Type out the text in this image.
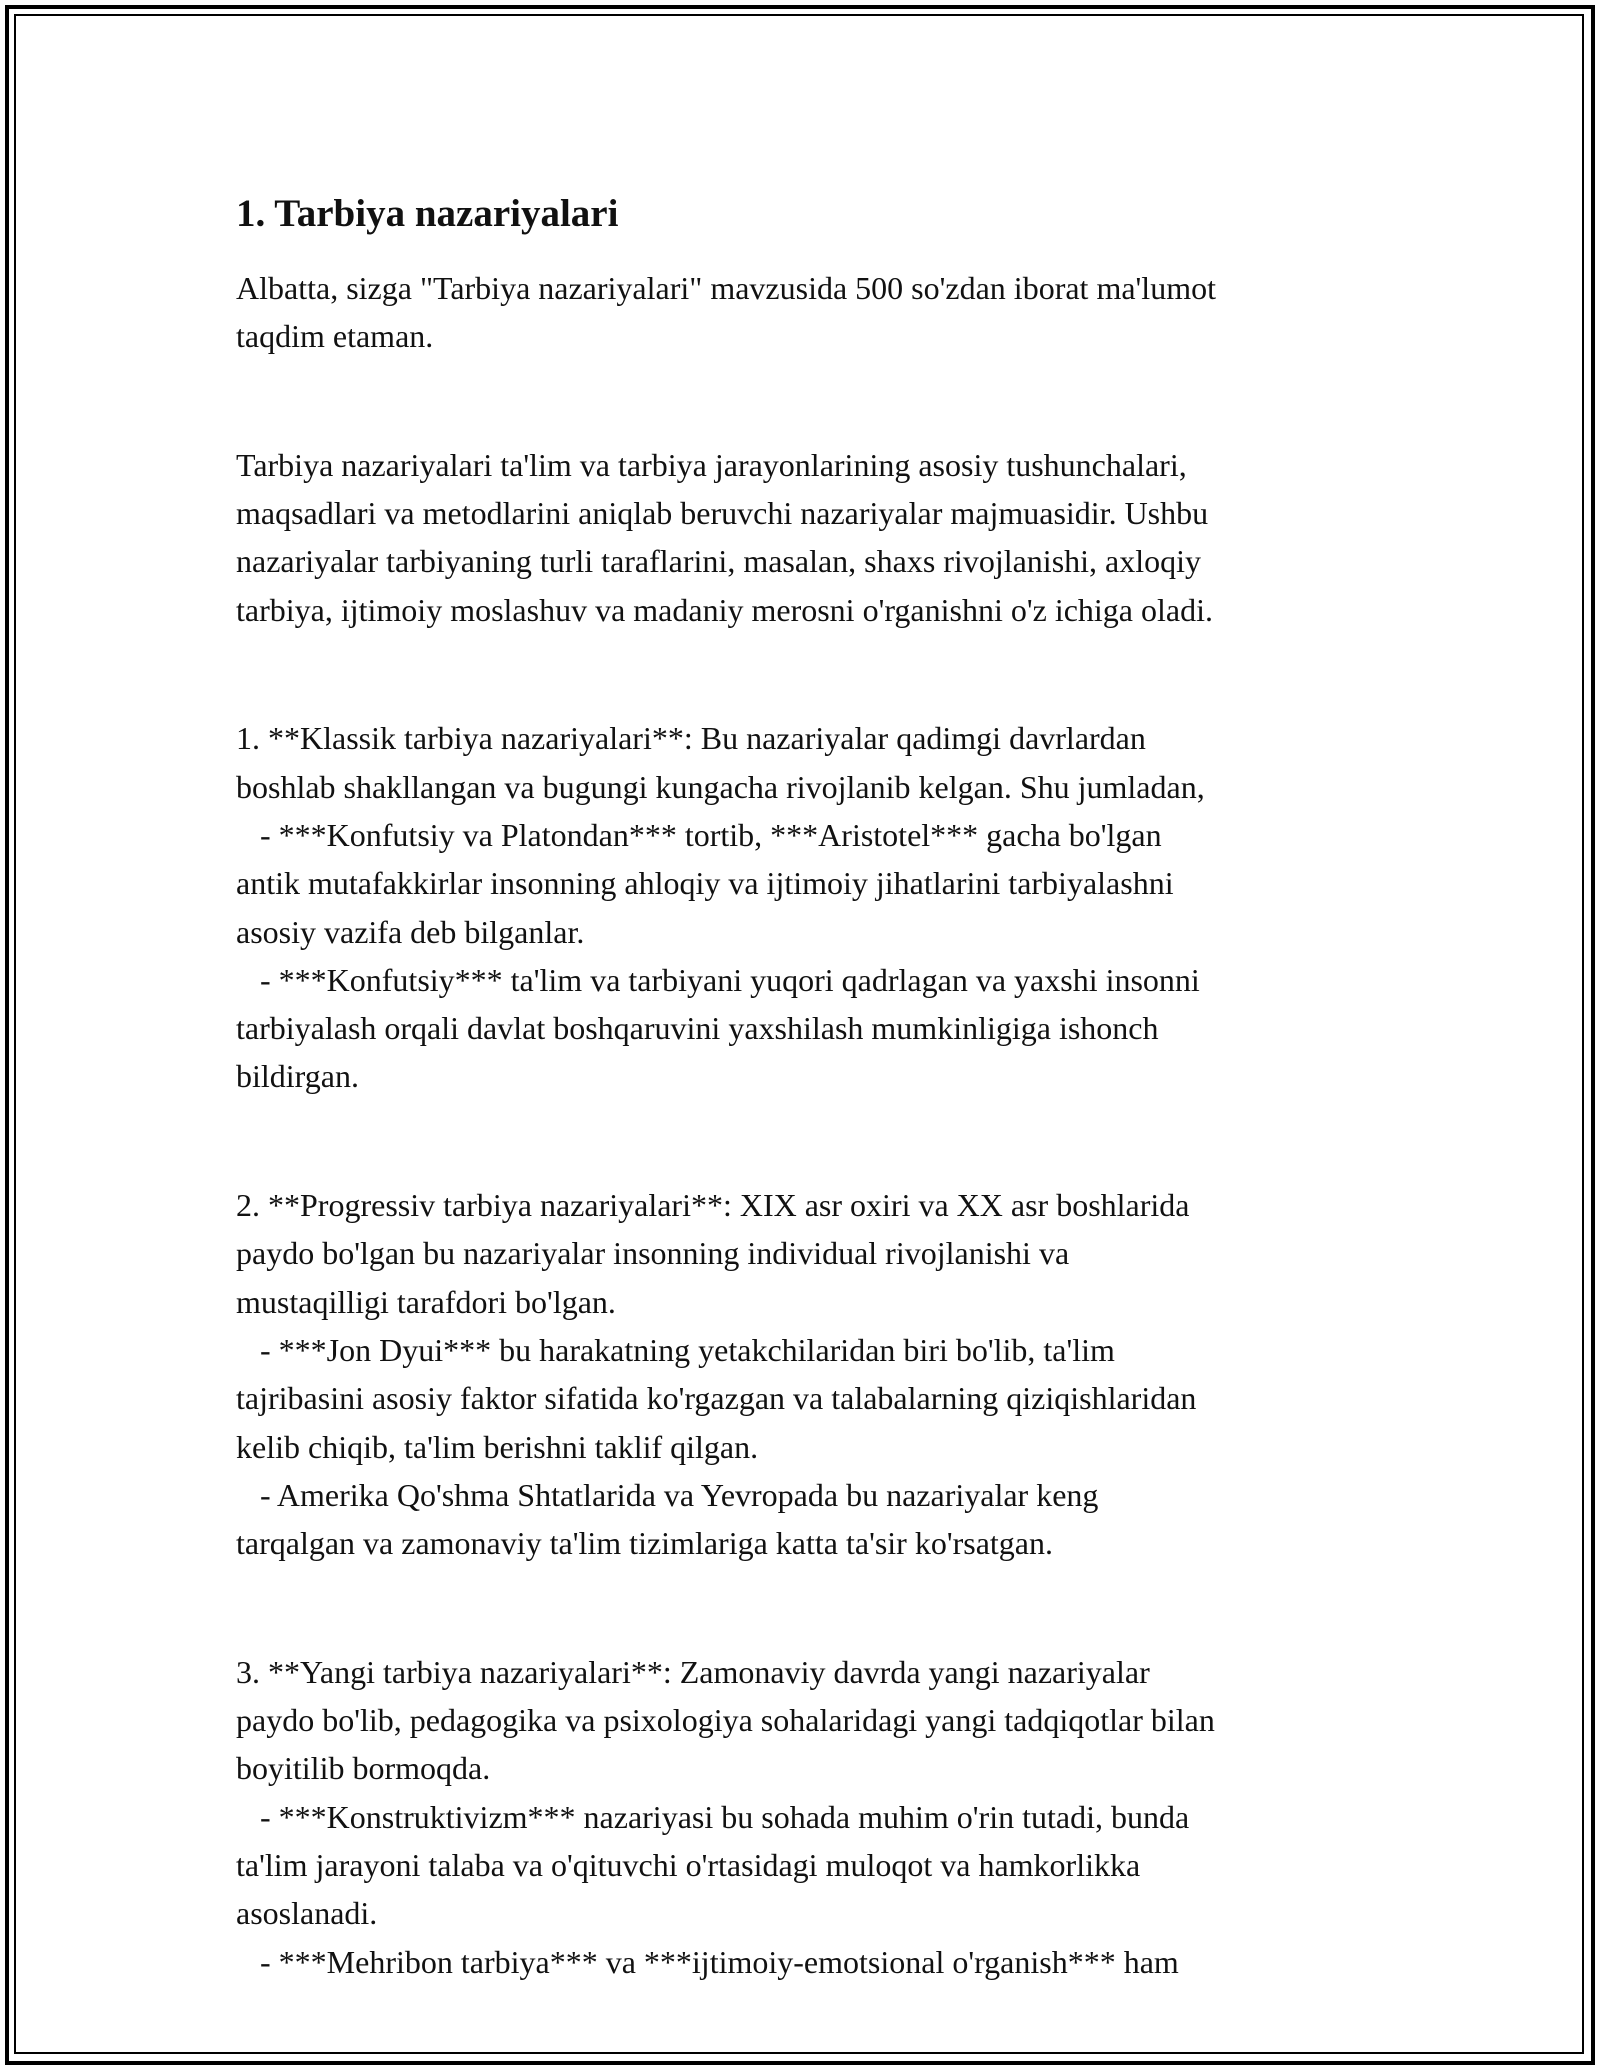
1. Tarbiya nazariyalari

Albatta, sizga "Tarbiya nazariyalari" mavzusida 500 so'zdan iborat ma'lumot

taqdim etaman.

Tarbiya nazariyalari ta'lim va tarbiya jarayonlarining asosiy tushunchalari,

maqsadlari va metodlarini aniqlab beruvchi nazariyalar majmuasidir. Ushbu

nazariyalar tarbiyaning turli taraflarini, masalan, shaxs rivojlanishi, axloqiy

tarbiya, ijtimoiy moslashuv va madaniy merosni o'rganishni o'z ichiga oladi.

1. **Klassik tarbiya nazariyalari**: Bu nazariyalar qadimgi davrlardan

boshlab shakllangan va bugungi kungacha rivojlanib kelgan. Shu jumladan,

- ***Konfutsiy va Platondan*** tortib, ***Aristotel*** gacha bo'lgan

antik mutafakkirlar insonning ahloqiy va ijtimoiy jihatlarini tarbiyalashni

asosiy vazifa deb bilganlar.

- ***Konfutsiy*** ta'lim va tarbiyani yuqori qadrlagan va yaxshi insonni

tarbiyalash orqali davlat boshqaruvini yaxshilash mumkinligiga ishonch

bildirgan.

2. **Progressiv tarbiya nazariyalari**: XIX asr oxiri va XX asr boshlarida

paydo bo'lgan bu nazariyalar insonning individual rivojlanishi va

mustaqilligi tarafdori bo'lgan.

- ***Jon Dyui*** bu harakatning yetakchilaridan biri bo'lib, ta'lim

tajribasini asosiy faktor sifatida ko'rgazgan va talabalarning qiziqishlaridan

kelib chiqib, ta'lim berishni taklif qilgan.

- Amerika Qo'shma Shtatlarida va Yevropada bu nazariyalar keng

tarqalgan va zamonaviy ta'lim tizimlariga katta ta'sir ko'rsatgan.

3. **Yangi tarbiya nazariyalari**: Zamonaviy davrda yangi nazariyalar

paydo bo'lib, pedagogika va psixologiya sohalaridagi yangi tadqiqotlar bilan

boyitilib bormoqda.

- ***Konstruktivizm*** nazariyasi bu sohada muhim o'rin tutadi, bunda

ta'lim jarayoni talaba va o'qituvchi o'rtasidagi muloqot va hamkorlikka

asoslanadi.

- ***Mehribon tarbiya*** va ***ijtimoiy-emotsional o'rganish*** ham
